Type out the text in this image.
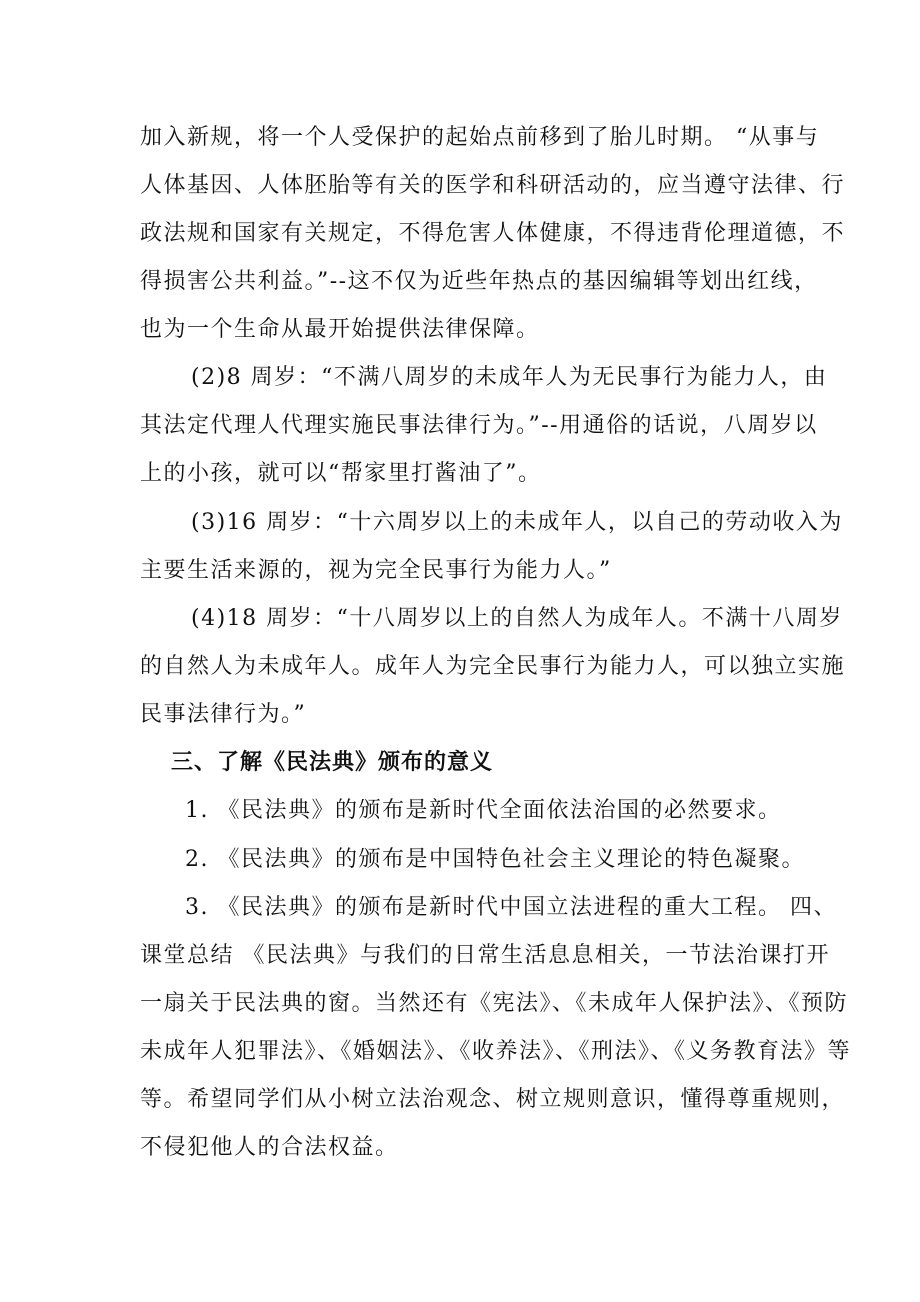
加入新规，将一个人受保护的起始点前移到了胎儿时期。 “从事与
人体基因、人体胚胎等有关的医学和科研活动的，应当遵守法律、行
政法规和国家有关规定，不得危害人体健康，不得违背伦理道德，不
得损害公共利益。”--这不仅为近些年热点的基因编辑等划出红线，
也为一个生命从最开始提供法律保障。
(2)8 周岁：“不满八周岁的未成年人为无民事行为能力人，由
其法定代理人代理实施民事法律行为。”--用通俗的话说，八周岁以
上的小孩，就可以“帮家里打酱油了”。
(3)16 周岁：“十六周岁以上的未成年人，以自己的劳动收入为
主要生活来源的，视为完全民事行为能力人。”
(4)18 周岁：“十八周岁以上的自然人为成年人。不满十八周岁
的自然人为未成年人。成年人为完全民事行为能力人，可以独立实施
民事法律行为。”
三、了解《民法典》颁布的意义
1. 《民法典》的颁布是新时代全面依法治国的必然要求。
2. 《民法典》的颁布是中国特色社会主义理论的特色凝聚。
3. 《民法典》的颁布是新时代中国立法进程的重大工程。 四、
课堂总结 《民法典》与我们的日常生活息息相关，一节法治课打开
一扇关于民法典的窗。当然还有《宪法》、《未成年人保护法》、《预防
未成年人犯罪法》、《婚姻法》、《收养法》、《刑法》、《义务教育法》等
等。希望同学们从小树立法治观念、树立规则意识，懂得尊重规则，
不侵犯他人的合法权益。
